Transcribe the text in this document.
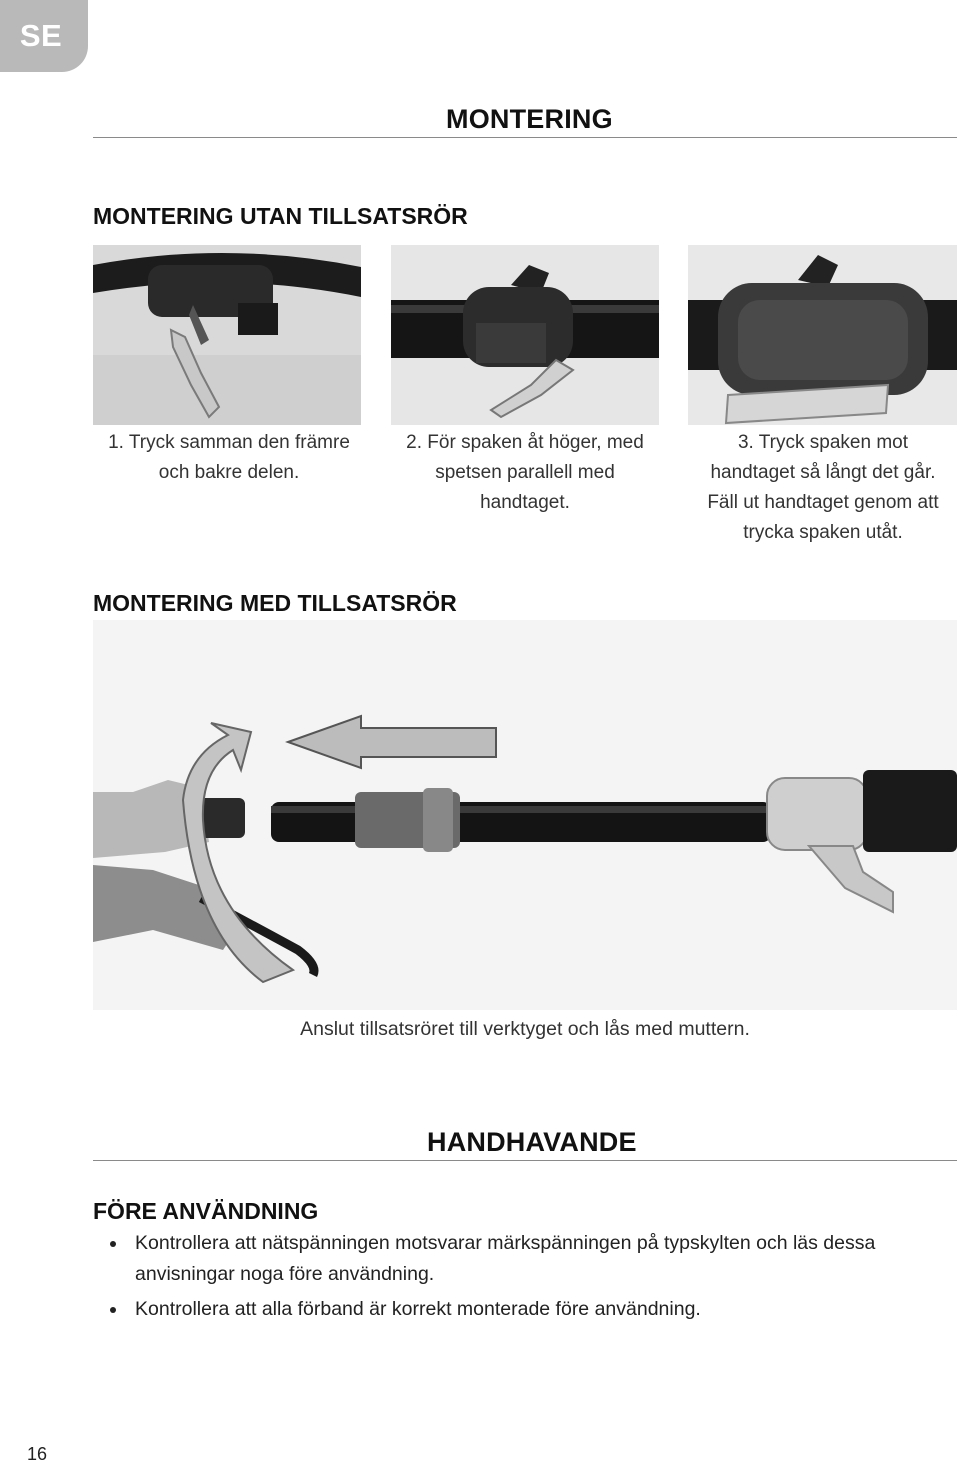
SE
MONTERING
MONTERING UTAN TILLSATSRÖR
1. Tryck samman den främre och bakre delen.
2. För spaken åt höger, med spetsen parallell med handtaget.
3. Tryck spaken mot handtaget så långt det går. Fäll ut handtaget genom att trycka spaken utåt.
MONTERING MED TILLSATSRÖR
Anslut tillsatsröret till verktyget och lås med muttern.
HANDHAVANDE
FÖRE ANVÄNDNING
Kontrollera att nätspänningen motsvarar märkspänningen på typskylten och läs dessa anvisningar noga före användning.
Kontrollera att alla förband är korrekt monterade före användning.
16
